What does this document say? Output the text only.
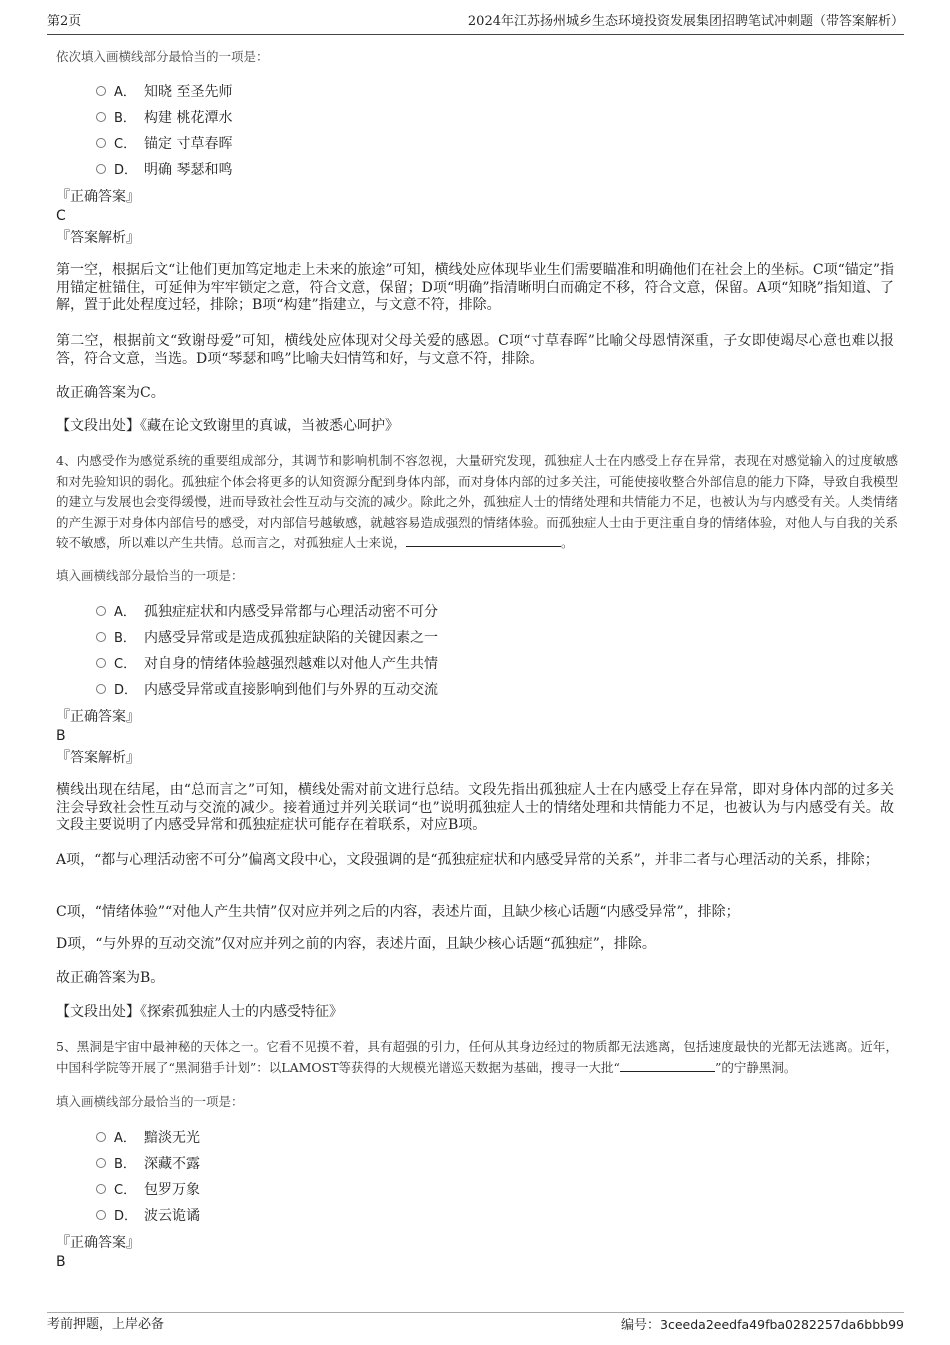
第2页	2024年江苏扬州城乡生态环境投资发展集团招聘笔试冲刺题（带答案解析）
依次填入画横线部分最恰当的一项是：
A． 知晓 至圣先师
B． 构建 桃花潭水
C． 锚定 寸草春晖
D． 明确 琴瑟和鸣
『正确答案』
C
『答案解析』
第一空，根据后文“让他们更加笃定地走上未来的旅途”可知，横线处应体现毕业生们需要瞄准和明确他们在社会上的坐标。C项“锚定”指用锚定桩锚住，可延伸为牢牢锁定之意，符合文意，保留；D项“明确”指清晰明白而确定不移，符合文意，保留。A项“知晓”指知道、了解，置于此处程度过轻，排除；B项“构建”指建立，与文意不符，排除。
第二空，根据前文“致谢母爱”可知，横线处应体现对父母关爱的感恩。C项“寸草春晖”比喻父母恩情深重，子女即使竭尽心意也难以报答，符合文意，当选。D项“琴瑟和鸣”比喻夫妇情笃和好，与文意不符，排除。
故正确答案为C。
【文段出处】《藏在论文致谢里的真诚，当被悉心呵护》
4、内感受作为感觉系统的重要组成部分，其调节和影响机制不容忽视，大量研究发现，孤独症人士在内感受上存在异常，表现在对感觉输入的过度敏感和对先验知识的弱化。孤独症个体会将更多的认知资源分配到身体内部，而对身体内部的过多关注，可能使接收整合外部信息的能力下降，导致自我模型的建立与发展也会变得缓慢，进而导致社会性互动与交流的减少。除此之外，孤独症人士的情绪处理和共情能力不足，也被认为与内感受有关。人类情绪的产生源于对身体内部信号的感受，对内部信号越敏感，就越容易造成强烈的情绪体验。而孤独症人士由于更注重自身的情绪体验，对他人与自我的关系较不敏感，所以难以产生共情。总而言之，对孤独症人士来说，	。
填入画横线部分最恰当的一项是：
A． 孤独症症状和内感受异常都与心理活动密不可分
B． 内感受异常或是造成孤独症缺陷的关键因素之一
C． 对自身的情绪体验越强烈越难以对他人产生共情
D． 内感受异常或直接影响到他们与外界的互动交流
『正确答案』
B
『答案解析』
横线出现在结尾，由“总而言之”可知，横线处需对前文进行总结。文段先指出孤独症人士在内感受上存在异常，即对身体内部的过多关注会导致社会性互动与交流的减少。接着通过并列关联词“也”说明孤独症人士的情绪处理和共情能力不足，也被认为与内感受有关。故文段主要说明了内感受异常和孤独症症状可能存在着联系，对应B项。
A项，“都与心理活动密不可分”偏离文段中心，文段强调的是“孤独症症状和内感受异常的关系”，并非二者与心理活动的关系，排除；
C项，“情绪体验”“对他人产生共情”仅对应并列之后的内容，表述片面，且缺少核心话题“内感受异常”，排除；
D项，“与外界的互动交流”仅对应并列之前的内容，表述片面，且缺少核心话题“孤独症”，排除。
故正确答案为B。
【文段出处】《探索孤独症人士的内感受特征》
5、黑洞是宇宙中最神秘的天体之一。它看不见摸不着，具有超强的引力，任何从其身边经过的物质都无法逃离，包括速度最快的光都无法逃离。近年，中国科学院等开展了“黑洞猎手计划”：以LAMOST等获得的大规模光谱巡天数据为基础，搜寻一大批“	”的宁静黑洞。
填入画横线部分最恰当的一项是：
A． 黯淡无光
B． 深藏不露
C． 包罗万象
D． 波云诡谲
『正确答案』
B
考前押题，上岸必备	编号：3ceeda2eedfa49fba0282257da6bbb99
